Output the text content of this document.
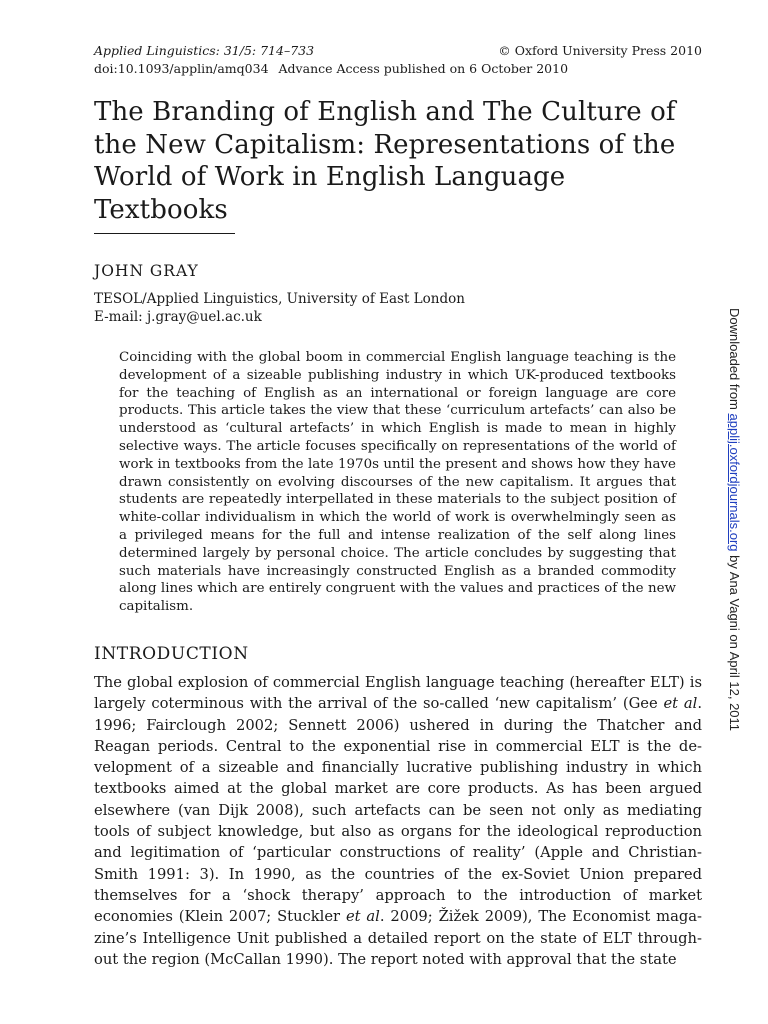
Applied Linguistics: 31/5: 714–733	© Oxford University Press 2010
doi:10.1093/applin/amq034 Advance Access published on 6 October 2010
The Branding of English and The Culture of the New Capitalism: Representations of the World of Work in English Language Textbooks
JOHN GRAY
TESOL/Applied Linguistics, University of East London
E-mail: j.gray@uel.ac.uk

Coinciding with the global boom in commercial English language teaching is the development of a sizeable publishing industry in which UK-produced textbooks for the teaching of English as an international or foreign language are core products. This article takes the view that these ‘curriculum artefacts’ can also be understood as ‘cultural artefacts’ in which English is made to mean in highly selective ways. The article focuses specifically on representations of the world of work in textbooks from the late 1970s until the present and shows how they have drawn consistently on evolving discourses of the new capitalism. It argues that students are repeatedly interpellated in these materials to the subject position of white-collar individualism in which the world of work is overwhelmingly seen as a privileged means for the full and intense realization of the self along lines determined largely by personal choice. The article concludes by suggesting that such materials have increasingly constructed English as a branded commodity along lines which are entirely congruent with the values and practices of the new capitalism.

INTRODUCTION

The global explosion of commercial English language teaching (hereafter ELT) is largely coterminous with the arrival of the so-called ‘new capitalism’ (Gee et al. 1996; Fairclough 2002; Sennett 2006) ushered in during the Thatcher and Reagan periods. Central to the exponential rise in commercial ELT is the development of a sizeable and financially lucrative publishing industry in which textbooks aimed at the global market are core products. As has been argued elsewhere (van Dijk 2008), such artefacts can be seen not only as mediating tools of subject knowledge, but also as organs for the ideological reproduction and legitimation of ‘particular constructions of reality’ (Apple and Christian-Smith 1991: 3). In 1990, as the countries of the ex-Soviet Union prepared themselves for a ‘shock therapy’ approach to the introduction of market economies (Klein 2007; Stuckler et al. 2009; Žižek 2009), The Economist magazine’s Intelligence Unit published a detailed report on the state of ELT throughout the region (McCallan 1990). The report noted with approval that the state

Downloaded from applij.oxfordjournals.org by Ana Vagni on April 12, 2011
